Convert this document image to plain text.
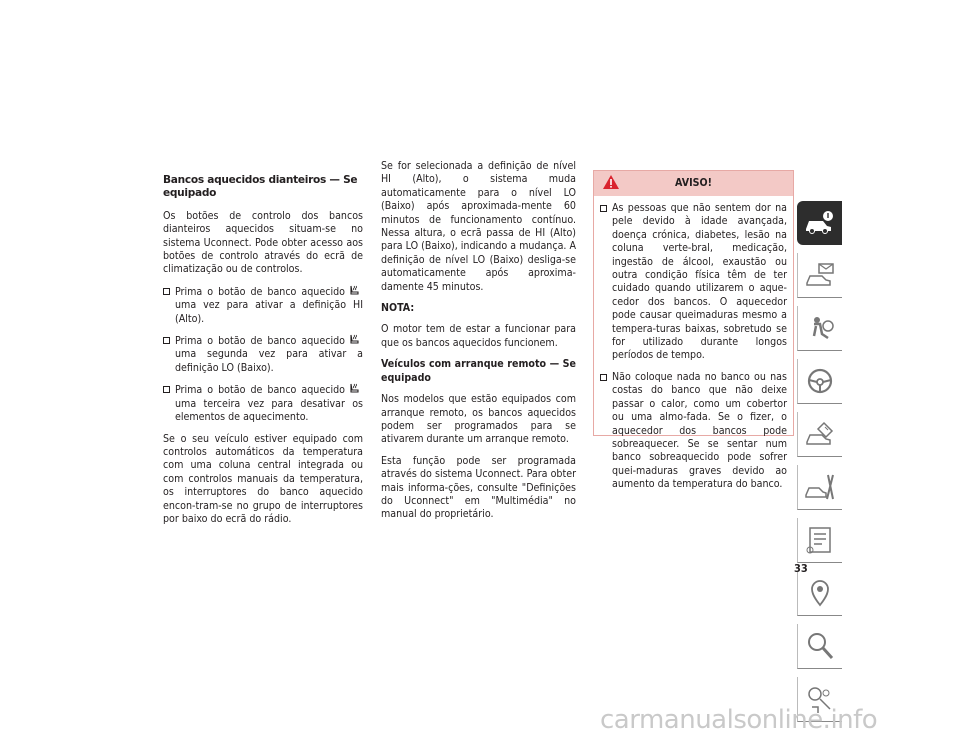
Bancos aquecidos dianteiros — Se equipado

Os botões de controlo dos bancos dianteiros aquecidos situam-se no sistema Uconnect. Pode obter acesso aos botões de controlo através do ecrã de climatização ou de controlos.

Prima o botão de banco aquecidouma vez para ativar a definição HI (Alto).
Prima o botão de banco aquecidouma segunda vez para ativar a definição LO (Baixo).
Prima o botão de banco aquecidouma terceira vez para desativar os elementos de aquecimento.

Se o seu veículo estiver equipado com controlos automáticos da temperatura com uma coluna central integrada ou com controlos manuais da temperatura, os interruptores do banco aquecido encon-tram-se no grupo de interruptores por baixo do ecrã do rádio.

Se for selecionada a definição de nível HI (Alto), o sistema muda automaticamente para o nível LO (Baixo) após aproximada-mente 60 minutos de funcionamento contínuo. Nessa altura, o ecrã passa de HI (Alto) para LO (Baixo), indicando a mudança. A definição de nível LO (Baixo) desliga-se automaticamente após aproxima-damente 45 minutos.

NOTA:

O motor tem de estar a funcionar para que os bancos aquecidos funcionem.

Veículos com arranque remoto — Se equipado

Nos modelos que estão equipados com arranque remoto, os bancos aquecidos podem ser programados para se ativarem durante um arranque remoto.

Esta função pode ser programada através do sistema Uconnect. Para obter mais informa-ções, consulte "Definições do Uconnect" em "Multimédia" no manual do proprietário.

AVISO!
As pessoas que não sentem dor na pele devido à idade avançada, doença crónica, diabetes, lesão na coluna verte-bral, medicação, ingestão de álcool, exaustão ou outra condição física têm de ter cuidado quando utilizarem o aque-cedor dos bancos. O aquecedor pode causar queimaduras mesmo a tempera-turas baixas, sobretudo se for utilizado durante longos períodos de tempo.
Não coloque nada no banco ou nas costas do banco que não deixe passar o calor, como um cobertor ou uma almo-fada. Se o fizer, o aquecedor dos bancos pode sobreaquecer. Se se sentar num banco sobreaquecido pode sofrer quei-maduras graves devido ao aumento da temperatura do banco.
33
carmanualsonline.info
